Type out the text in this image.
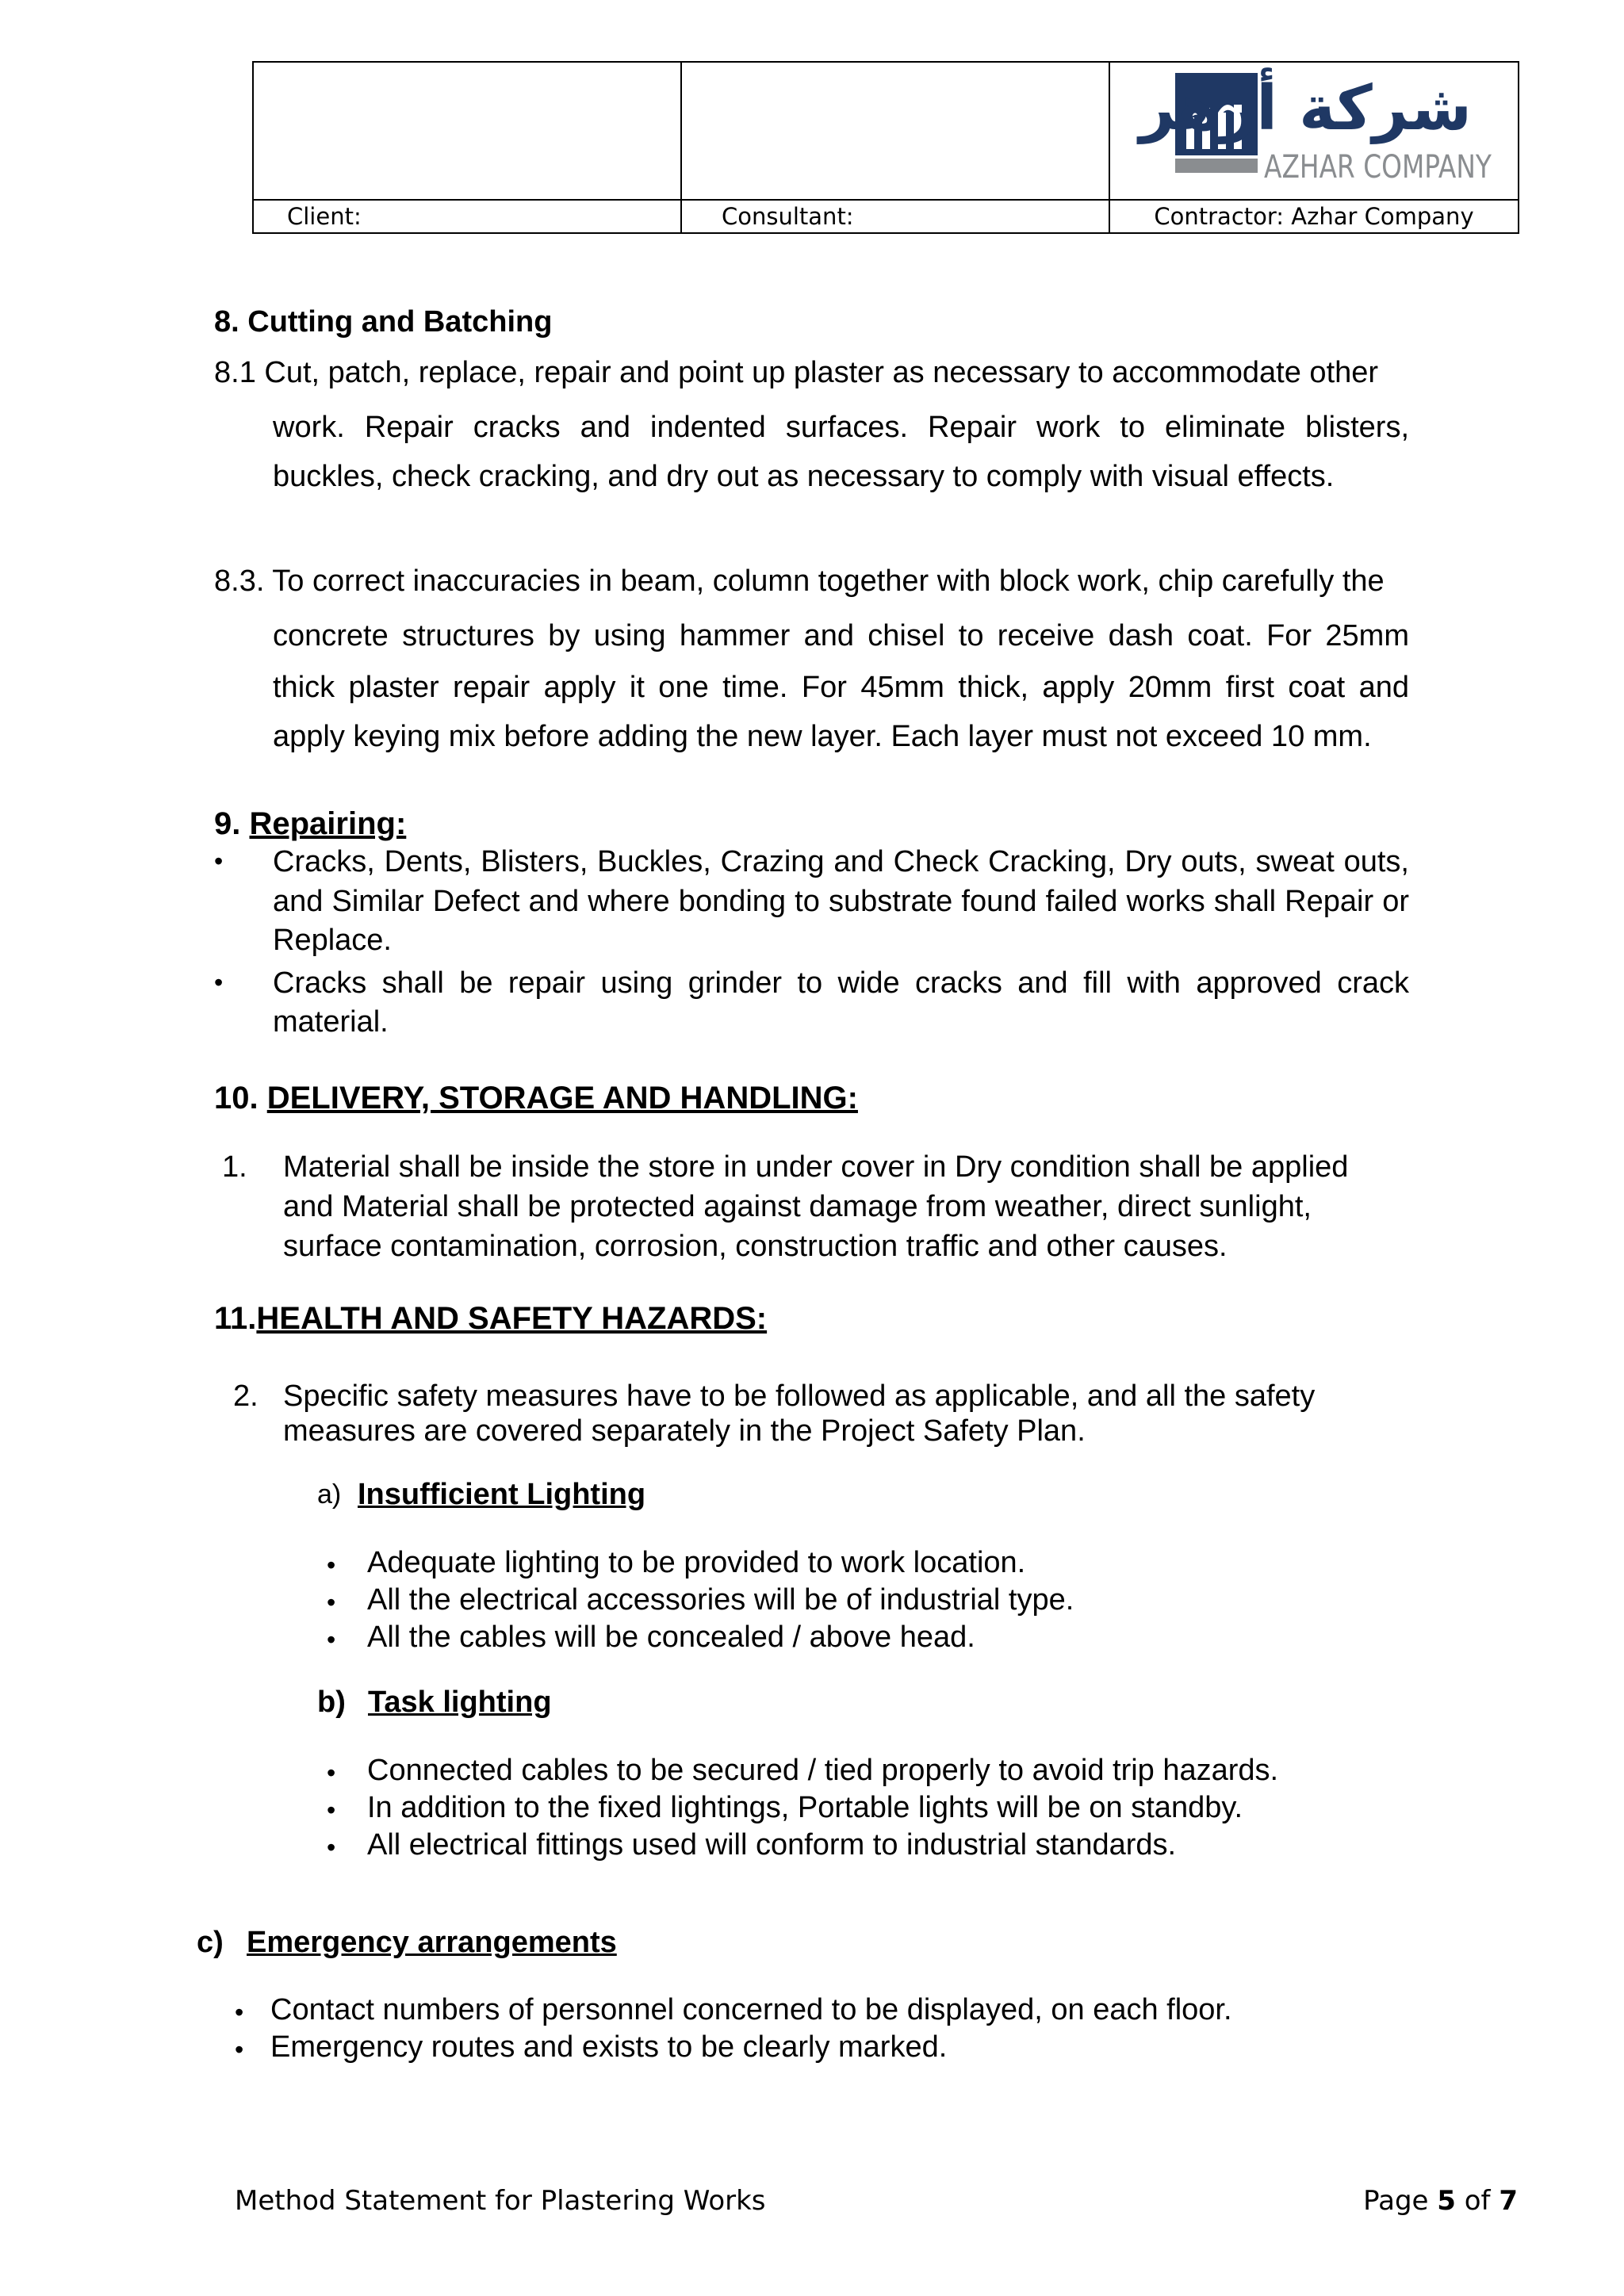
Client:	Consultant:	Contractor: Azhar Company
شركة أزهر
AZHAR COMPANY
8. Cutting and Batching
8.1 Cut, patch, replace, repair and point up plaster as necessary to accommodate other
work. Repair cracks and indented surfaces. Repair work to eliminate blisters,
buckles, check cracking, and dry out as necessary to comply with visual effects.
8.3. To correct inaccuracies in beam, column together with block work, chip carefully the
concrete structures by using hammer and chisel to receive dash coat. For 25mm
thick plaster repair apply it one time. For 45mm thick, apply 20mm first coat and
apply keying mix before adding the new layer. Each layer must not exceed 10 mm.
9. Repairing:
• Cracks, Dents, Blisters, Buckles, Crazing and Check Cracking, Dry outs, sweat outs,
and Similar Defect and where bonding to substrate found failed works shall Repair or
Replace.
• Cracks shall be repair using grinder to wide cracks and fill with approved crack
material.
10. DELIVERY, STORAGE AND HANDLING:
1. Material shall be inside the store in under cover in Dry condition shall be applied
and Material shall be protected against damage from weather, direct sunlight,
surface contamination, corrosion, construction traffic and other causes.
11.HEALTH AND SAFETY HAZARDS:
2. Specific safety measures have to be followed as applicable, and all the safety
measures are covered separately in the Project Safety Plan.
a) Insufficient Lighting
• Adequate lighting to be provided to work location.
• All the electrical accessories will be of industrial type.
• All the cables will be concealed / above head.
b) Task lighting
• Connected cables to be secured / tied properly to avoid trip hazards.
• In addition to the fixed lightings, Portable lights will be on standby.
• All electrical fittings used will conform to industrial standards.
c) Emergency arrangements
• Contact numbers of personnel concerned to be displayed, on each floor.
• Emergency routes and exists to be clearly marked.
Method Statement for Plastering Works	Page 5 of 7
